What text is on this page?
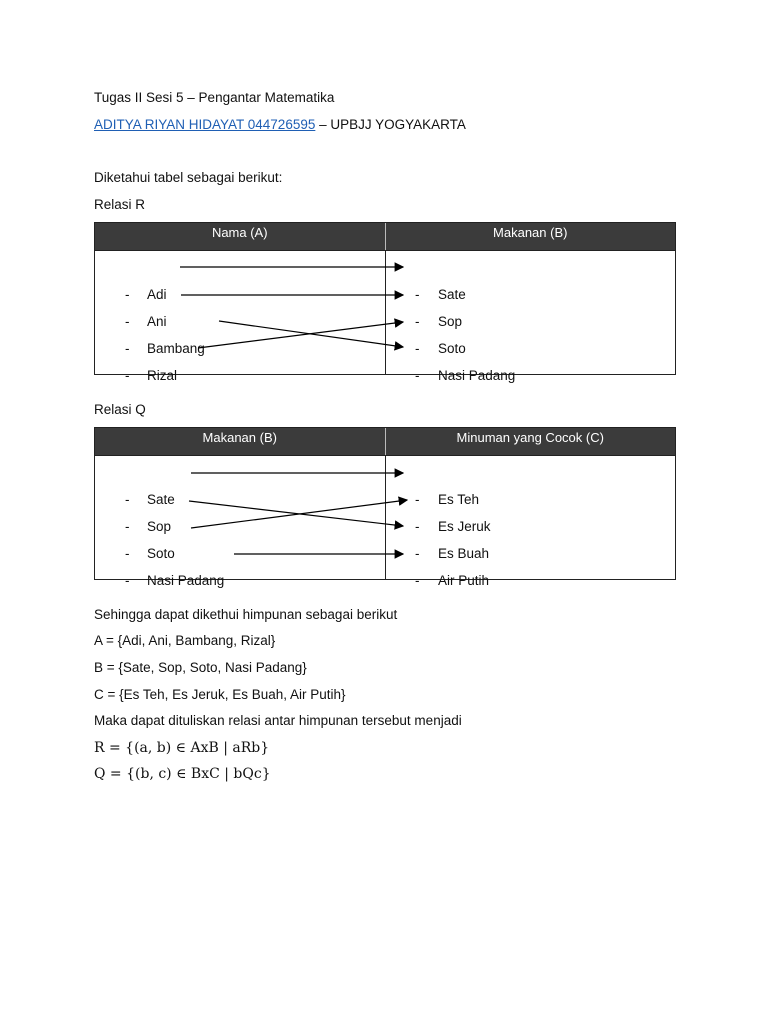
Tugas II Sesi 5 – Pengantar Matematika
ADITYA RIYAN HIDAYAT 044726595 – UPBJJ YOGYAKARTA
Diketahui tabel sebagai berikut:
Relasi R
Nama (A)	Makanan (B)
-
-
-
-
Adi
Ani
Bambang
Rizal
-
-
-
-
Sate
Sop
Soto
Nasi Padang
Relasi Q
Makanan (B)	Minuman yang Cocok (C)
-
-
-
-
Sate
Sop
Soto
Nasi Padang
-
-
-
-
Es Teh
Es Jeruk
Es Buah
Air Putih
Sehingga dapat dikethui himpunan sebagai berikut
A = {Adi, Ani, Bambang, Rizal}
B = {Sate, Sop, Soto, Nasi Padang}
C = {Es Teh, Es Jeruk, Es Buah, Air Putih}
Maka dapat dituliskan relasi antar himpunan tersebut menjadi
R = {(a, b) ∈ AxB | aRb}
Q = {(b, c) ∈ BxC | bQc}
